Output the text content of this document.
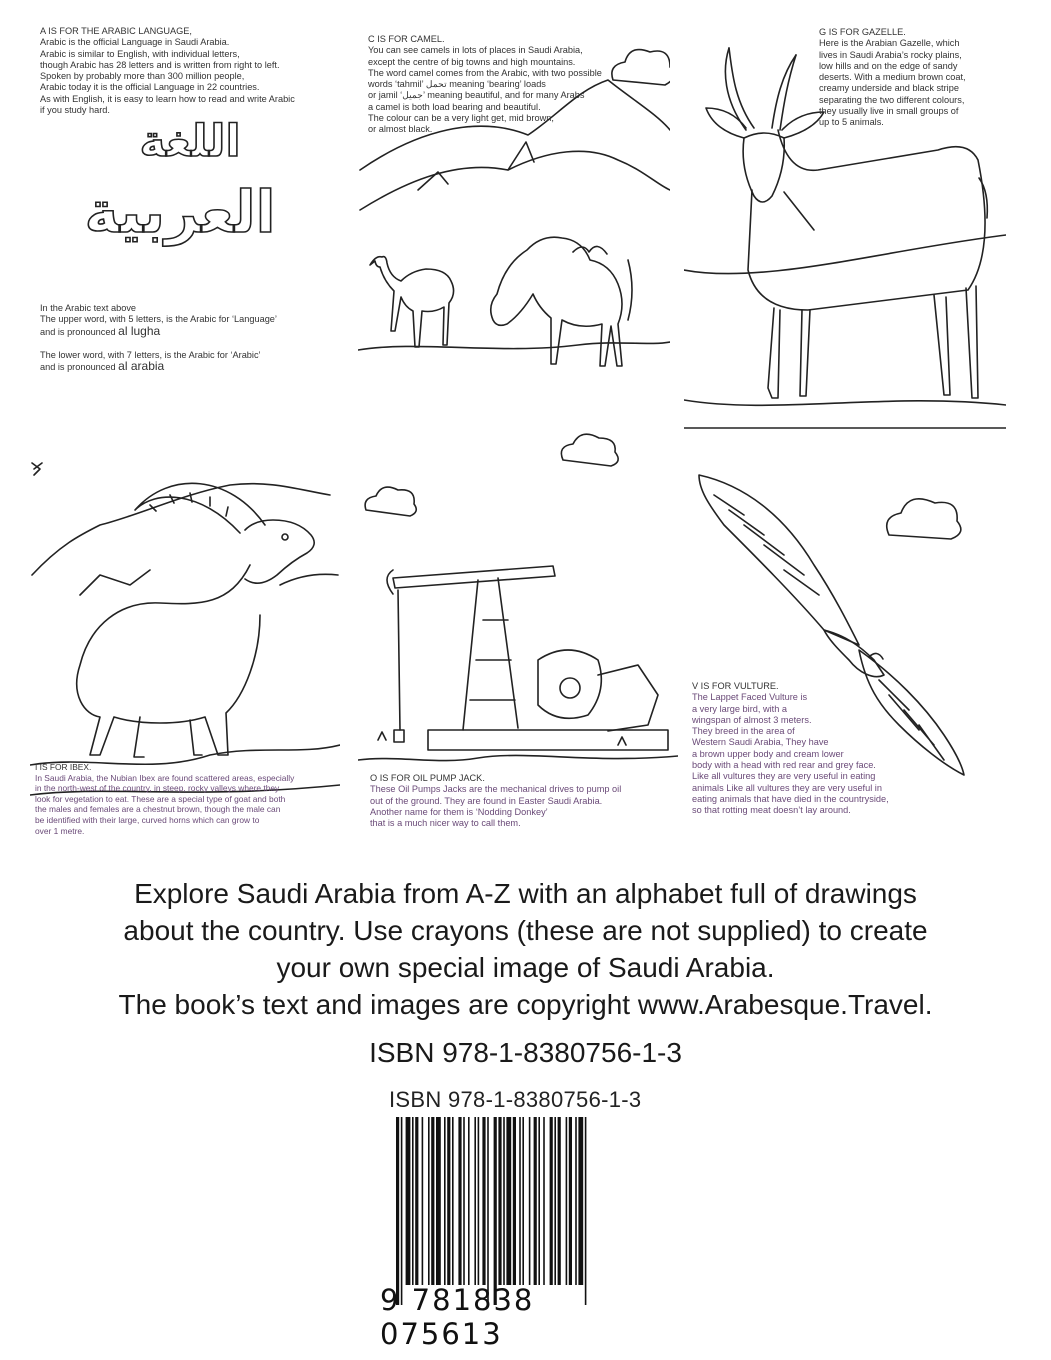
A IS FOR THE ARABIC LANGUAGE,

Arabic is the official Language in Saudi Arabia.

Arabic is similar to English, with individual letters,

though Arabic has 28 letters and is written from right to left.

Spoken by probably more than 300 million people,

Arabic today it is the official Language in 22 countries.

As with English, it is easy to learn how to read and write Arabic

if you study hard.

اللغة
العربية

In the Arabic text above

The upper word, with 5 letters, is the Arabic for ‘Language’

and is pronounced al lugha

The lower word, with 7 letters, is the Arabic for ‘Arabic’

and is pronounced al arabia

C IS FOR CAMEL.

You can see camels in lots of places in Saudi Arabia,

except the centre of big towns and high mountains.

The word camel comes from the Arabic, with two possible

words ‘tahmil’ تحمل meaning ‘bearing’ loads

or jamil ‘جميل’ meaning beautiful, and for many Arabs

a camel is both load bearing and beautiful.

The colour can be a very light get, mid brown,

or almost black.

G IS FOR GAZELLE.

Here is the Arabian Gazelle, which

lives in Saudi Arabia’s rocky plains,

low hills and on the edge of sandy

deserts. With a medium brown coat,

creamy underside and black stripe

separating the two different colours,

they usually live in small groups of

up to 5 animals.

I IS FOR IBEX.

In Saudi Arabia, the Nubian Ibex are found scattered areas, especially

in the north-west of the country, in steep, rocky valleys where they

look for vegetation to eat. These are a special type of goat and both

the males and females are a chestnut brown, though the male can

be identified with their large, curved horns which can grow to

over 1 metre.

O IS FOR OIL PUMP JACK.

These Oil Pumps Jacks are the mechanical drives to pump oil

out of the ground. They are found in Easter Saudi Arabia.

Another name for them is ‘Nodding Donkey’

that is a much nicer way to call them.

V IS FOR VULTURE.

The Lappet Faced Vulture is

a very large bird, with a

wingspan of almost 3 meters.

They breed in the area of

Western Saudi Arabia, They have

a brown upper body and cream lower

body with a head with red rear and grey face.

Like all vultures they are very useful in eating

animals Like all vultures they are very useful in

eating animals that have died in the countryside,

so that rotting meat doesn’t lay around.

Explore Saudi Arabia from A-Z with an alphabet full of drawings

about the country. Use crayons (these are not supplied) to create

your own special image of Saudi Arabia.

The book’s text and images are copyright www.Arabesque.Travel.

ISBN 978-1-8380756-1-3
ISBN 978-1-8380756-1-3
9 781838 075613
